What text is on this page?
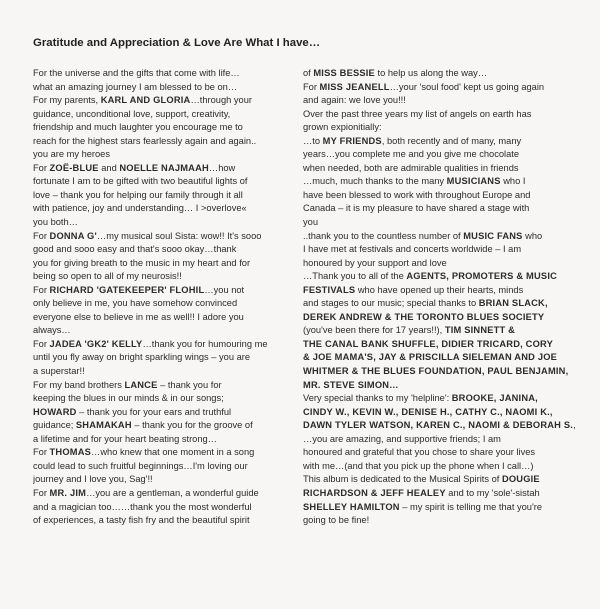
Gratitude and Appreciation & Love Are What I have…
For the universe and the gifts that come with life…
what an amazing journey I am blessed to be on…
For my parents, KARL AND GLORIA…through your
guidance, unconditional love, support, creativity,
friendship and much laughter you encourage me to
reach for the highest stars fearlessly again and again..
you are my heroes
For ZOË-BLUE and NOELLE NAJMAAH…how
fortunate I am to be gifted with two beautiful lights of
love – thank you for helping our family through it all
with patience, joy and understanding… I >overlove«
you both…
For DONNA G'…my musical soul Sista: wow!! It's sooo
good and sooo easy and that's sooo okay…thank
you for giving breath to the music in my heart and for
being so open to all of my neurosis!!
For RICHARD 'GATEKEEPER' FLOHIL…you not
only believe in me, you have somehow convinced
everyone else to believe in me as well!! I adore you
always…
For JADEA 'GK2' KELLY…thank you for humouring me
until you fly away on bright sparkling wings – you are
a superstar!!
For my band brothers LANCE – thank you for
keeping the blues in our minds & in our songs;
HOWARD – thank you for your ears and truthful
guidance; SHAMAKAH – thank you for the groove of
a lifetime and for your heart beating strong…
For THOMAS…who knew that one moment in a song
could lead to such fruitful beginnings…I'm loving our
journey and I love you, Sag'!!
For MR. JIM…you are a gentleman, a wonderful guide
and a magician too……thank you the most wonderful
of experiences, a tasty fish fry and the beautiful spirit
of MISS BESSIE to help us along the way…
For MISS JEANELL…your 'soul food' kept us going again
and again: we love you!!!
Over the past three years my list of angels on earth has
grown expionitially:
…to MY FRIENDS, both recently and of many, many
years…you complete me and you give me chocolate
when needed, both are admirable qualities in friends
…much, much thanks to the many MUSICIANS who I
have been blessed to work with throughout Europe and
Canada – it is my pleasure to have shared a stage with
you
..thank you to the countless number of MUSIC FANS who
I have met at festivals and concerts worldwide – I am
honoured by your support and love
…Thank you to all of the AGENTS, PROMOTERS & MUSIC
FESTIVALS who have opened up their hearts, minds
and stages to our music; special thanks to BRIAN SLACK,
DEREK ANDREW & THE TORONTO BLUES SOCIETY
(you've been there for 17 years!!), TIM SINNETT &
THE CANAL BANK SHUFFLE, DIDIER TRICARD, CORY
& JOE MAMA'S, JAY & PRISCILLA SIELEMAN AND JOE
WHITMER & THE BLUES FOUNDATION, PAUL BENJAMIN,
MR. STEVE SIMON…
Very special thanks to my 'helpline': BROOKE, JANINA,
CINDY W., KEVIN W., DENISE H., CATHY C., NAOMI K.,
DAWN TYLER WATSON, KAREN C., NAOMI & DEBORAH S.,
…you are amazing, and supportive friends; I am
honoured and grateful that you chose to share your lives
with me…(and that you pick up the phone when I call…)
This album is dedicated to the Musical Spirits of DOUGIE
RICHARDSON & JEFF HEALEY and to my 'sole'-sistah
SHELLEY HAMILTON – my spirit is telling me that you're
going to be fine!
